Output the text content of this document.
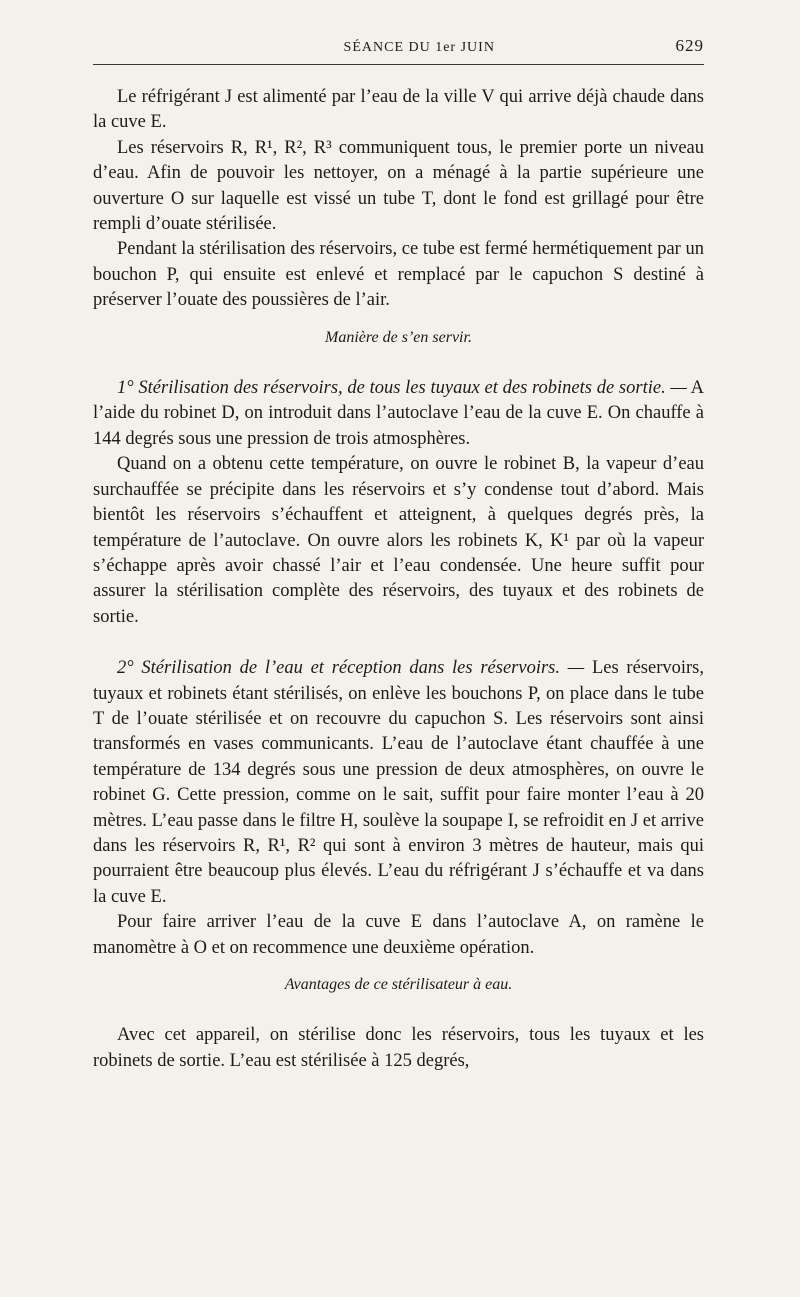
SÉANCE DU 1er JUIN	629

Le réfrigérant J est alimenté par l’eau de la ville V qui arrive déjà chaude dans la cuve E.

Les réservoirs R, R¹, R², R³ communiquent tous, le premier porte un niveau d’eau. Afin de pouvoir les nettoyer, on a ménagé à la partie supérieure une ouverture O sur laquelle est vissé un tube T, dont le fond est grillagé pour être rempli d’ouate stérilisée.

Pendant la stérilisation des réservoirs, ce tube est fermé hermétiquement par un bouchon P, qui ensuite est enlevé et remplacé par le capuchon S destiné à préserver l’ouate des poussières de l’air.

Manière de s’en servir.

1° Stérilisation des réservoirs, de tous les tuyaux et des robinets de sortie. — A l’aide du robinet D, on introduit dans l’autoclave l’eau de la cuve E. On chauffe à 144 degrés sous une pression de trois atmosphères.

Quand on a obtenu cette température, on ouvre le robinet B, la vapeur d’eau surchauffée se précipite dans les réservoirs et s’y condense tout d’abord. Mais bientôt les réservoirs s’échauffent et atteignent, à quelques degrés près, la température de l’autoclave. On ouvre alors les robinets K, K¹ par où la vapeur s’échappe après avoir chassé l’air et l’eau condensée. Une heure suffit pour assurer la stérilisation complète des réservoirs, des tuyaux et des robinets de sortie.

2° Stérilisation de l’eau et réception dans les réservoirs. — Les réservoirs, tuyaux et robinets étant stérilisés, on enlève les bouchons P, on place dans le tube T de l’ouate stérilisée et on recouvre du capuchon S. Les réservoirs sont ainsi transformés en vases communicants. L’eau de l’autoclave étant chauffée à une température de 134 degrés sous une pression de deux atmosphères, on ouvre le robinet G. Cette pression, comme on le sait, suffit pour faire monter l’eau à 20 mètres. L’eau passe dans le filtre H, soulève la soupape I, se refroidit en J et arrive dans les réservoirs R, R¹, R² qui sont à environ 3 mètres de hauteur, mais qui pourraient être beaucoup plus élevés. L’eau du réfrigérant J s’échauffe et va dans la cuve E.

Pour faire arriver l’eau de la cuve E dans l’autoclave A, on ramène le manomètre à O et on recommence une deuxième opération.

Avantages de ce stérilisateur à eau.

Avec cet appareil, on stérilise donc les réservoirs, tous les tuyaux et les robinets de sortie. L’eau est stérilisée à 125 degrés,
